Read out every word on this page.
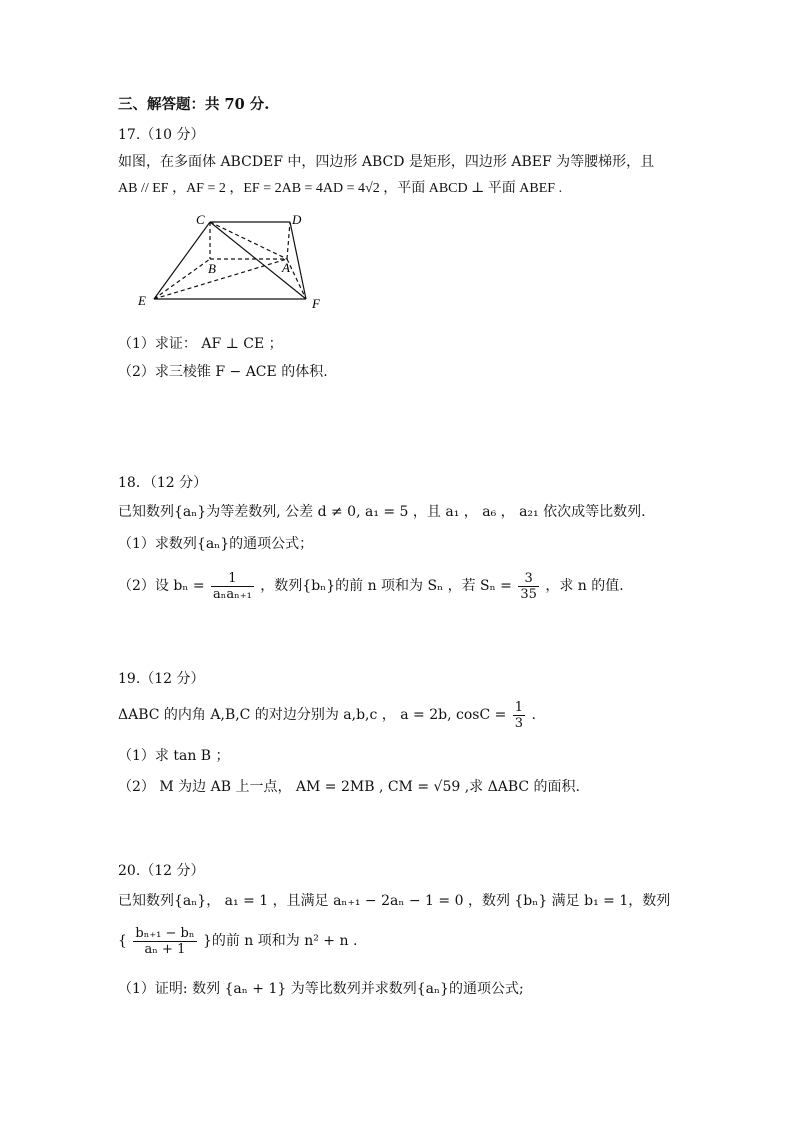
三、解答题：共 70 分.
17.（10 分）
如图，在多面体 ABCDEF 中，四边形 ABCD 是矩形，四边形 ABEF 为等腰梯形，且
AB // EF ，AF = 2 ，EF = 2AB = 4AD = 4√2 ，平面 ABCD ⊥ 平面 ABEF .
C	D
B	A
E	F
（1）求证： AF ⊥ CE ；
（2）求三棱锥 F − ACE 的体积.
18．（12 分）
已知数列{aₙ}为等差数列, 公差 d ≠ 0, a₁ = 5 ，且 a₁ ， a₆ ， a₂₁ 依次成等比数列.
（1）求数列{aₙ}的通项公式；
（2）设 $b_n = \frac{1}{\text{aₙaₙ₊₁}}$ ，数列{bₙ}的前 n 项和为 Sₙ ，若 $S_n = \frac{3}{35}$ ，求 n 的值.
19.（12 分）
ΔABC 的内角 A,B,C 的对边分别为 a,b,c ， a = 2b, $\cos C = \frac{1}{3}$ .
（1）求 tan B ；
（2） M 为边 AB 上一点， AM = 2MB , CM = √59 ,求 ΔABC 的面积.
20.（12 分）
已知数列{aₙ}， a₁ = 1 ，且满足 aₙ₊₁ − 2aₙ − 1 = 0 ，数列 {bₙ} 满足 b₁ = 1，数列
{ $\frac{\text{bₙ₊₁ − bₙ}}{\text{aₙ + 1}}$ }的前 n 项和为 n² + n .
（1）证明: 数列 {aₙ + 1} 为等比数列并求数列{aₙ}的通项公式;
